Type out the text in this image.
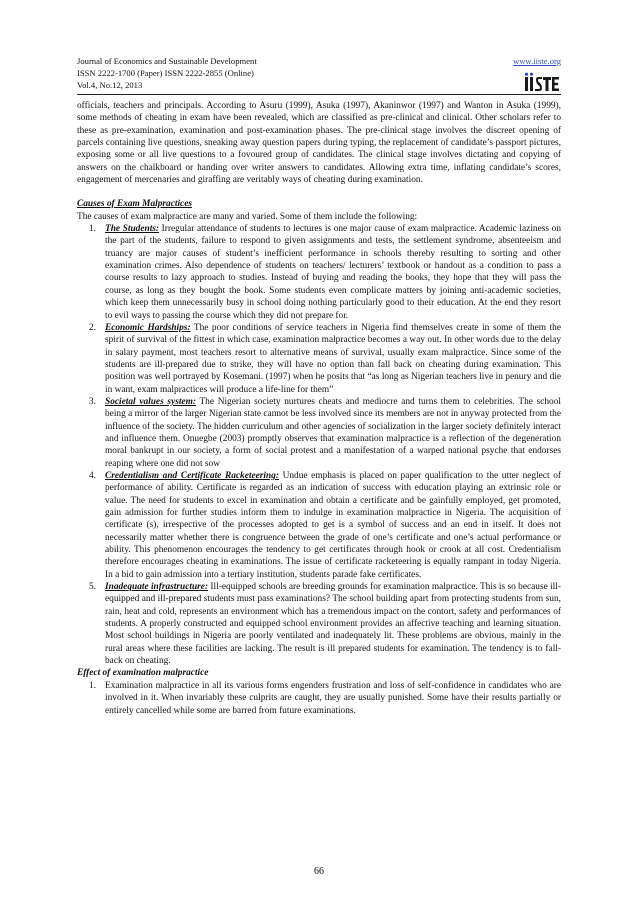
Journal of Economics and Sustainable Development
ISSN 2222-1700 (Paper) ISSN 2222-2855 (Online)
Vol.4, No.12, 2013
www.iiste.org

officials, teachers and principals. According to Asuru (1999), Asuka (1997), Akaninwor (1997) and Wanton in Asuka (1999), some methods of cheating in exam have been revealed, which are classified as pre-clinical and clinical. Other scholars refer to these as pre-examination, examination and post-examination phases. The pre-clinical stage involves the discreet opening of parcels containing live questions, sneaking away question papers during typing, the replacement of candidate’s passport pictures, exposing some or all live questions to a fovoured group of candidates. The clinical stage involves dictating and copying of answers on the chalkboard or handing over writer answers to candidates. Allowing extra time, inflating candidate’s scores, engagement of mercenaries and giraffing are veritably ways of cheating during examination.

Causes of Exam Malpractices

The causes of exam malpractice are many and varied. Some of them include the following:

1. The Students: Irregular attendance of students to lectures is one major cause of exam malpractice. Academic laziness on the part of the students, failure to respond to given assignments and tests, the settlement syndrome, absenteeism and truancy are major causes of student’s inefficient performance in schools thereby resulting to sorting and other examination crimes. Also dependence of students on teachers/ lecturers’ textbook or handout as a condition to pass a course results to lazy approach to studies. Instead of buying and reading the books, they hope that they will pass the course, as long as they bought the book. Some students even complicate matters by joining anti-academic societies, which keep them unnecessarily busy in school doing nothing particularly good to their education. At the end they resort to evil ways to passing the course which they did not prepare for.
2. Economic Hardships: The poor conditions of service teachers in Nigeria find themselves create in some of them the spirit of survival of the fittest in which case, examination malpractice becomes a way out. In other words due to the delay in salary payment, most teachers resort to alternative means of survival, usually exam malpractice. Since some of the students are ill-prepared due to strike, they will have no option than fall back on cheating during examination. This position was well portrayed by Kosemani. (1997) when he posits that “as long as Nigerian teachers live in penury and die in want, exam malpractices will produce a life-line for them”
3. Societal values system: The Nigerian society nurtures cheats and mediocre and turns them to celebrities. The school being a mirror of the larger Nigerian state cannot be less involved since its members are not in anyway protected from the influence of the society. The hidden curriculum and other agencies of socialization in the larger society definitely interact and influence them. Onuegbe (2003) promptly observes that examination malpractice is a reflection of the degeneration moral bankrupt in our society, a form of social protest and a manifestation of a warped national psyche that endorses reaping where one did not sow
4. Credentialism and Certificate Racketeering: Undue emphasis is placed on paper qualification to the utter neglect of performance of ability. Certificate is regarded as an indication of success with education playing an extrinsic role or value. The need for students to excel in examination and obtain a certificate and be gainfully employed, get promoted, gain admission for further studies inform them to indulge in examination malpractice in Nigeria. The acquisition of certificate (s), irrespective of the processes adopted to get is a symbol of success and an end in itself. It does not necessarily matter whether there is congruence between the grade of one’s certificate and one’s actual performance or ability. This phenomenon encourages the tendency to get certificates through hook or crook at all cost. Credentialism therefore encourages cheating in examinations. The issue of certificate racketeering is equally rampant in today Nigeria. In a bid to gain admission into a tertiary institution, students parade fake certificates.
5. Inadequate infrastructure: Ill-equipped schools are breeding grounds for examination malpractice. This is so because ill-equipped and ill-prepared students must pass examinations? The school building apart from protecting students from sun, rain, heat and cold, represents an environment which has a tremendous impact on the contort, safety and performances of students. A properly constructed and equipped school environment provides an affective teaching and learning situation. Most school buildings in Nigeria are poorly ventilated and inadequately lit. These problems are obvious, mainly in the rural areas where these facilities are lacking. The result is ill prepared students for examination. The tendency is to fall-back on cheating.

Effect of examination malpractice

1. Examination malpractice in all its various forms engenders frustration and loss of self-confidence in candidates who are involved in it. When invariably these culprits are caught, they are usually punished. Some have their results partially or entirely cancelled while some are barred from future examinations.
66
